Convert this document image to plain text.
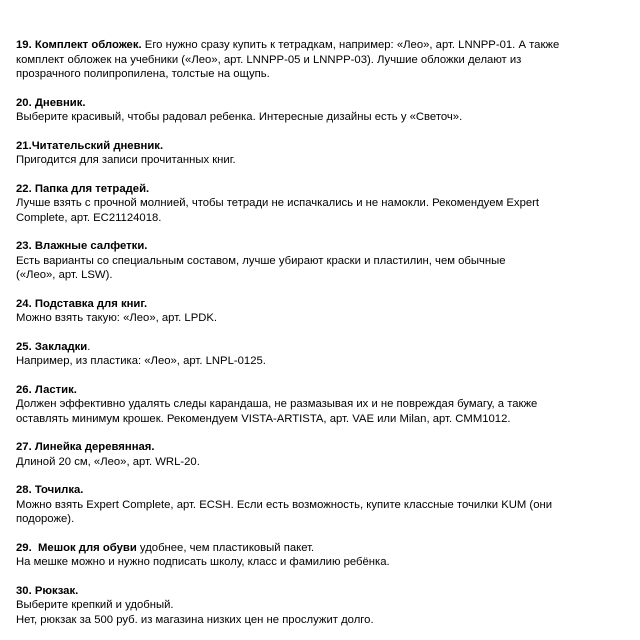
19. Комплект обложек. Его нужно сразу купить к тетрадкам, например: «Лео», арт. LNNPP-01. А также
комплект обложек на учебники («Лео», арт. LNNPP-05 и LNNPP-03). Лучшие обложки делают из
прозрачного полипропилена, толстые на ощупь.
20. Дневник.
Выберите красивый, чтобы радовал ребенка. Интересные дизайны есть у «Светоч».
21.Читательский дневник.
Пригодится для записи прочитанных книг.
22. Папка для тетрадей.
Лучше взять с прочной молнией, чтобы тетради не испачкались и не намокли. Рекомендуем Expert
Complete, арт. EC21124018.
23. Влажные салфетки.
Есть варианты со специальным составом, лучше убирают краски и пластилин, чем обычные
(«Лео», арт. LSW).
24. Подставка для книг.
Можно взять такую: «Лео», арт. LPDK.
25. Закладки.
Например, из пластика: «Лео», арт. LNPL-0125.
26. Ластик.
Должен эффективно удалять следы карандаша, не размазывая их и не повреждая бумагу, а также
оставлять минимум крошек. Рекомендуем VISTA-ARTISTA, арт. VAE или Milan, арт. CMM1012.
27. Линейка деревянная.
Длиной 20 см, «Лео», арт. WRL-20.
28. Точилка.
Можно взять Expert Complete, арт. ECSH. Если есть возможность, купите классные точилки KUM (они
подороже).
29.  Мешок для обуви удобнее, чем пластиковый пакет.
На мешке можно и нужно подписать школу, класс и фамилию ребёнка.
30. Рюкзак.
Выберите крепкий и удобный.
Нет, рюкзак за 500 руб. из магазина низких цен не прослужит долго.
